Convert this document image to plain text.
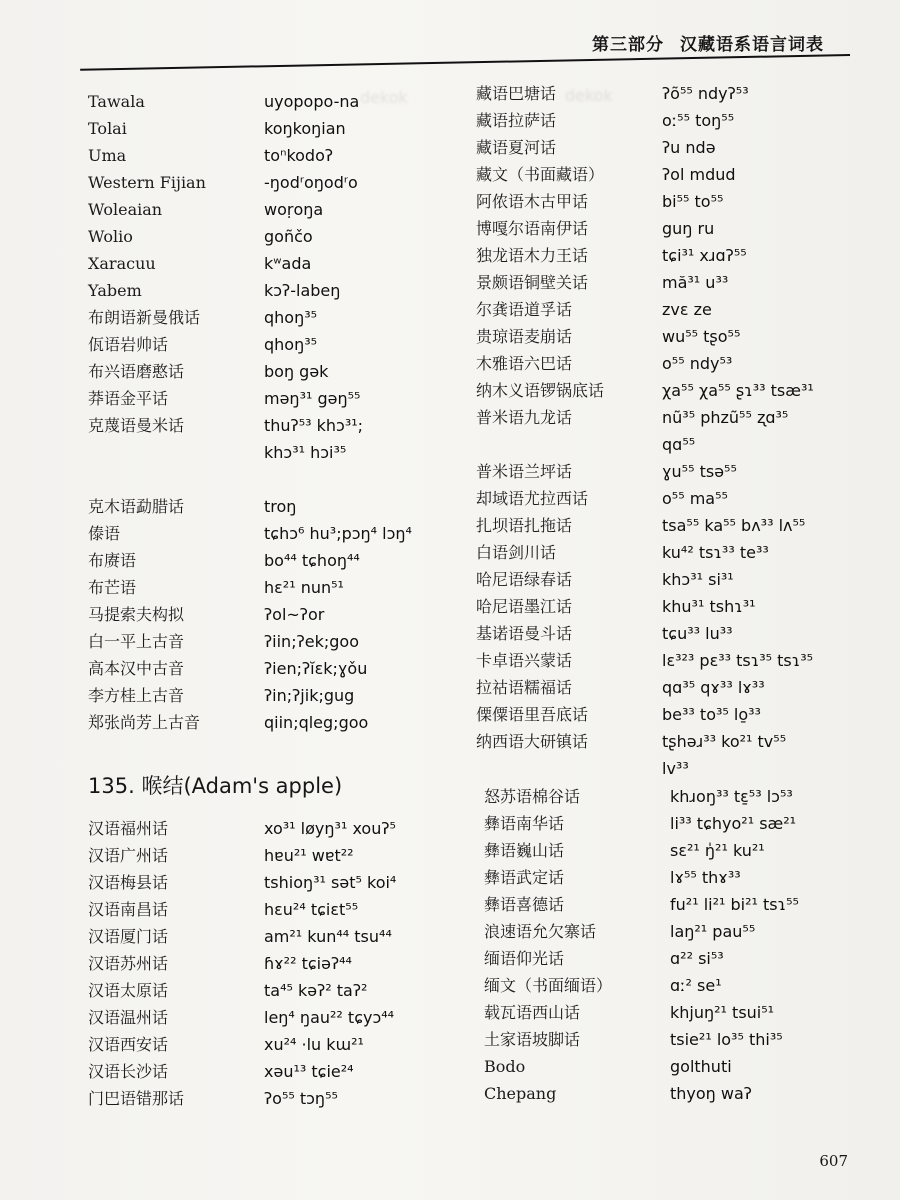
第三部分 汉藏语系语言词表
dekok	dekok
Tawala	uyopopo-na
Tolai	koŋkoŋian
Uma	toⁿkodoʔ
Western Fijian	-ŋodʳoŋodʳo
Woleaian	woṛoŋa
Wolio	goñčo
Xaracuu	kʷada
Yabem	kɔʔ-labeŋ
布朗语新曼俄话	qhoŋ³⁵
佤语岩帅话	qhoŋ³⁵
布兴语磨憨话	boŋ gək
莽语金平话	məŋ³¹ gəŋ⁵⁵
克蔑语曼米话	thuʔ⁵³ khɔ³¹;
khɔ³¹ hɔi³⁵
克木语勐腊话	troŋ
傣语	tɕhɔ⁶ hu³;pɔŋ⁴ lɔŋ⁴
布赓语	bo⁴⁴ tɕhoŋ⁴⁴
布芒语	hɛ²¹ nun⁵¹
马提索夫构拟	ʔol~ʔor
白一平上古音	ʔiin;ʔek;goo
高本汉中古音	ʔien;ʔĭɛk;ɣǒu
李方桂上古音	ʔin;ʔjik;gug
郑张尚芳上古音	qiin;qleg;goo
藏语巴塘话	ʔõ⁵⁵ ndyʔ⁵³
藏语拉萨话	oː⁵⁵ toŋ⁵⁵
藏语夏河话	ʔu ndə
藏文（书面藏语）	ʔol mdud
阿侬语木古甲话	bi⁵⁵ to⁵⁵
博嘎尔语南伊话	guŋ ru
独龙语木力王话	tɕi³¹ xɹɑʔ⁵⁵
景颇语铜壁关话	mă³¹ u³³
尔龚语道孚话	zvɛ ze
贵琼语麦崩话	wu⁵⁵ tʂo⁵⁵
木雅语六巴话	o⁵⁵ ndy⁵³
纳木义语锣锅底话	χa⁵⁵ χa⁵⁵ ʂɿ³³ tsæ³¹
普米语九龙话	nũ³⁵ phzũ⁵⁵ ʐɑ³⁵
qɑ⁵⁵
普米语兰坪话	ɣu⁵⁵ tsə⁵⁵
却域语尤拉西话	o⁵⁵ ma⁵⁵
扎坝语扎拖话	tsa⁵⁵ ka⁵⁵ bʌ³³ lʌ⁵⁵
白语剑川话	ku⁴² tsɿ³³ te³³
哈尼语绿春话	khɔ³¹ si³¹
哈尼语墨江话	khu³¹ tshɿ³¹
基诺语曼斗话	tɕu³³ lu³³
卡卓语兴蒙话	lɛ³²³ pɛ³³ tsɿ³⁵ tsɿ³⁵
拉祜语糯福话	qɑ³⁵ qɤ³³ lɤ³³
傈僳语里吾底话	be³³ to³⁵ lo̱³³
纳西语大研镇话	tʂhəɹ³³ ko²¹ tv⁵⁵
lv³³
135. 喉结(Adam's apple)
汉语福州话	xo³¹ løyŋ³¹ xouʔ⁵
汉语广州话	hɐu²¹ wɐt²²
汉语梅县话	tshioŋ³¹ sət⁵ koi⁴
汉语南昌话	hɛu²⁴ tɕiɛt⁵⁵
汉语厦门话	am²¹ kun⁴⁴ tsu⁴⁴
汉语苏州话	ɦɤ²² tɕiəʔ⁴⁴
汉语太原话	ta⁴⁵ kəʔ² taʔ²
汉语温州话	leŋ⁴ ŋau²² tɕyɔ⁴⁴
汉语西安话	xu²⁴ ·lu kɯ²¹
汉语长沙话	xəu¹³ tɕie²⁴
门巴语错那话	ʔo⁵⁵ tɔŋ⁵⁵
怒苏语棉谷话	khɹoŋ³³ tɛ̱⁵³ lɔ⁵³
彝语南华话	li³³ tɕhyo²¹ sæ²¹
彝语巍山话	sɛ²¹ ŋ̍²¹ ku²¹
彝语武定话	lɤ⁵⁵ thɤ³³
彝语喜德话	fu²¹ li²¹ bi²¹ tsɿ⁵⁵
浪速语允欠寨话	laŋ²¹ pau⁵⁵
缅语仰光话	ɑ²² si⁵³
缅文（书面缅语）	ɑː² se¹
载瓦语西山话	khjuŋ²¹ tsui⁵¹
土家语坡脚话	tsie²¹ lo³⁵ thi³⁵
Bodo	golthuti
Chepang	thyoŋ waʔ
607
